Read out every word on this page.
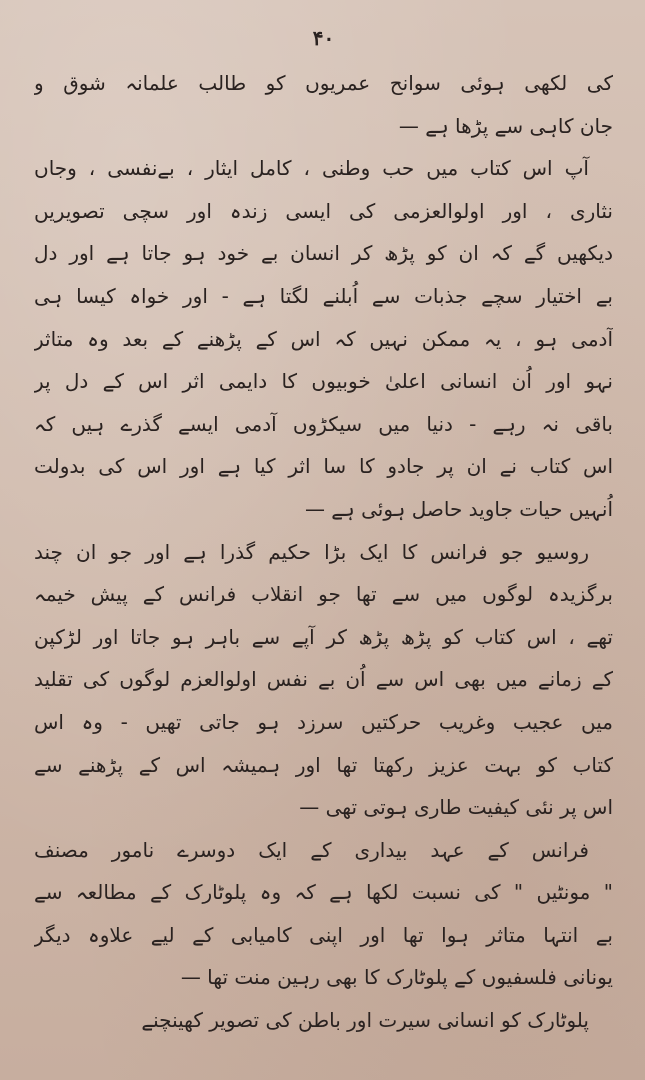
۴۰
کی لکھی ہوئی سوانح عمریوں کو طالب علمانہ شوق و
جان کاہی سے پڑھا ہے —
آپ اس کتاب میں حب وطنی ، کامل ایثار ، بےنفسی ، وجاں
نثاری ، اور اولوالعزمی کی ایسی زندہ اور سچی تصویریں
دیکھیں گے کہ ان کو پڑھ کر انسان بے خود ہو جاتا ہے اور دل
بے اختیار سچے جذبات سے اُبلنے لگتا ہے - اور خواہ کیسا ہی
آدمی ہو ، یہ ممکن نہیں کہ اس کے پڑھنے کے بعد وہ متاثر
نہو اور اُن انسانی اعلیٰ خوبیوں کا دایمی اثر اس کے دل پر
باقی نہ رہے - دنیا میں سیکڑوں آدمی ایسے گذرے ہیں کہ
اس کتاب نے ان پر جادو کا سا اثر کیا ہے اور اس کی بدولت
اُنہیں حیات جاوید حاصل ہوئی ہے —
روسیو جو فرانس کا ایک بڑا حکیم گذرا ہے اور جو ان چند
برگزیدہ لوگوں میں سے تھا جو انقلاب فرانس کے پیش خیمہ
تھے ، اس کتاب کو پڑھ پڑھ کر آپے سے باہر ہو جاتا اور لڑکپن
کے زمانے میں بھی اس سے اُن بے نفس اولوالعزم لوگوں کی تقلید
میں عجیب وغریب حرکتیں سرزد ہو جاتی تھیں - وہ اس
کتاب کو بہت عزیز رکھتا تھا اور ہمیشہ اس کے پڑھنے سے
اس پر نئی کیفیت طاری ہوتی تھی —
فرانس کے عہد بیداری کے ایک دوسرے نامور مصنف
" مونٹیں " کی نسبت لکھا ہے کہ وہ پلوٹارک کے مطالعہ سے
بے انتہا متاثر ہوا تھا اور اپنی کامیابی کے لیے علاوہ دیگر
یونانی فلسفیوں کے پلوٹارک کا بھی رہین منت تھا —
پلوٹارک کو انسانی سیرت اور باطن کی تصویر کھینچنے
